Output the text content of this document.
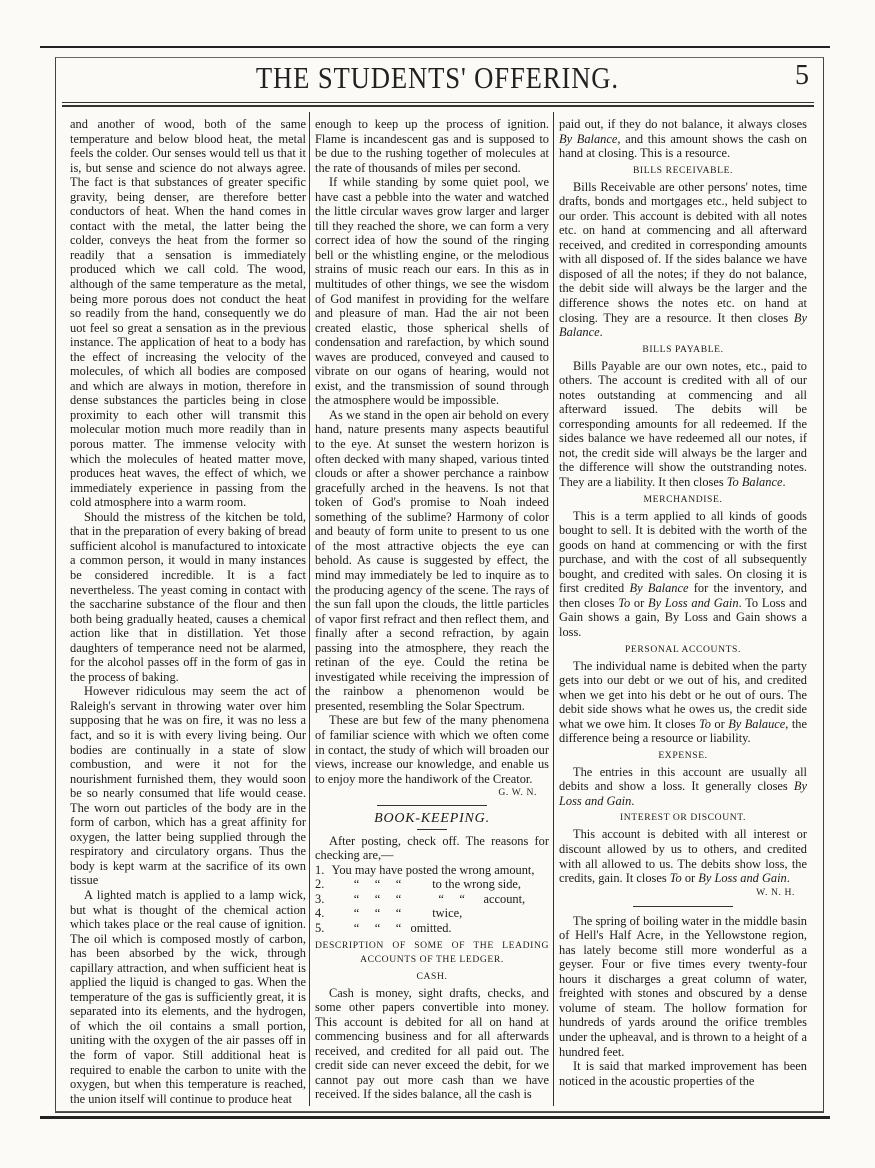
THE STUDENTS' OFFERING.	5

and another of wood, both of the same temperature and below blood heat, the metal feels the colder. Our senses would tell us that it is, but sense and science do not always agree. The fact is that substances of greater specific gravity, being denser, are therefore better conductors of heat. When the hand comes in contact with the metal, the latter being the colder, conveys the heat from the former so readily that a sensation is immediately produced which we call cold. The wood, although of the same temperature as the metal, being more porous does not conduct the heat so readily from the hand, consequently we do uot feel so great a sensation as in the previous instance. The application of heat to a body has the effect of increasing the velocity of the molecules, of which all bodies are composed and which are always in motion, therefore in dense substances the particles being in close proximity to each other will transmit this molecular motion much more readily than in porous matter. The immense velocity with which the molecules of heated matter move, produces heat waves, the effect of which, we immediately experience in passing from the cold atmosphere into a warm room.

Should the mistress of the kitchen be told, that in the preparation of every baking of bread sufficient alcohol is manufactured to intoxicate a common person, it would in many instances be considered incredible. It is a fact nevertheless. The yeast coming in contact with the saccharine substance of the flour and then both being gradually heated, causes a chemical action like that in distillation. Yet those daughters of temperance need not be alarmed, for the alcohol passes off in the form of gas in the process of baking.

However ridiculous may seem the act of Raleigh's servant in throwing water over him supposing that he was on fire, it was no less a fact, and so it is with every living being. Our bodies are continually in a state of slow combustion, and were it not for the nourishment furnished them, they would soon be so nearly consumed that life would cease. The worn out particles of the body are in the form of carbon, which has a great affinity for oxygen, the latter being supplied through the respiratory and circulatory organs. Thus the body is kept warm at the sacrifice of its own tissue

A lighted match is applied to a lamp wick, but what is thought of the chemical action which takes place or the real cause of ignition. The oil which is composed mostly of carbon, has been absorbed by the wick, through capillary attraction, and when sufficient heat is applied the liquid is changed to gas. When the temperature of the gas is sufficiently great, it is separated into its elements, and the hydrogen, of which the oil contains a small portion, uniting with the oxygen of the air passes off in the form of vapor. Still additional heat is required to enable the carbon to unite with the oxygen, but when this temperature is reached, the union itself will continue to produce heat

enough to keep up the process of ignition. Flame is incandescent gas and is supposed to be due to the rushing together of molecules at the rate of thousands of miles per second.

If while standing by some quiet pool, we have cast a pebble into the water and watched the little circular waves grow larger and larger till they reached the shore, we can form a very correct idea of how the sound of the ringing bell or the whistling engine, or the melodious strains of music reach our ears. In this as in multitudes of other things, we see the wisdom of God manifest in providing for the welfare and pleasure of man. Had the air not been created elastic, those spherical shells of condensation and rarefaction, by which sound waves are produced, conveyed and caused to vibrate on our ogans of hearing, would not exist, and the transmission of sound through the atmosphere would be impossible.

As we stand in the open air behold on every hand, nature presents many aspects beautiful to the eye. At sunset the western horizon is often decked with many shaped, various tinted clouds or after a shower perchance a rainbow gracefully arched in the heavens. Is not that token of God's promise to Noah indeed something of the sublime? Harmony of color and beauty of form unite to present to us one of the most attractive objects the eye can behold. As cause is suggested by effect, the mind may immediately be led to inquire as to the producing agency of the scene. The rays of the sun fall upon the clouds, the little particles of vapor first refract and then reflect them, and finally after a second refraction, by again passing into the atmosphere, they reach the retinan of the eye. Could the retina be investigated while receiving the impression of the rainbow a phenomenon would be presented, resembling the Solar Spectrum.

These are but few of the many phenomena of familiar science with which we often come in contact, the study of which will broaden our views, increase our knowledge, and enable us to enjoy more the handiwork of the Creator.

G. W. N.
BOOK-KEEPING.

After posting, check off. The reasons for checking are,—

1. You may have posted the wrong amount,
2. “     “     “          to the wrong side,
3. “     “     “            “     “      account,
4. “     “     “          twice,
5. “     “     “   omitted.
DESCRIPTION OF SOME OF THE LEADING ACCOUNTS OF THE LEDGER.
CASH.

Cash is money, sight drafts, checks, and some other papers convertible into money. This account is debited for all on hand at commencing business and for all afterwards received, and credited for all paid out. The credit side can never exceed the debit, for we cannot pay out more cash than we have received. If the sides balance, all the cash is

paid out, if they do not balance, it always closes By Balance, and this amount shows the cash on hand at closing. This is a resource.

BILLS RECEIVABLE.

Bills Receivable are other persons' notes, time drafts, bonds and mortgages etc., held subject to our order. This account is debited with all notes etc. on hand at commencing and all afterward received, and credited in corresponding amounts with all disposed of. If the sides balance we have disposed of all the notes; if they do not balance, the debit side will always be the larger and the difference shows the notes etc. on hand at closing. They are a resource. It then closes By Balance.

BILLS PAYABLE.

Bills Payable are our own notes, etc., paid to others. The account is credited with all of our notes outstanding at commencing and all afterward issued. The debits will be corresponding amounts for all redeemed. If the sides balance we have redeemed all our notes, if not, the credit side will always be the larger and the difference will show the outstranding notes. They are a liability. It then closes To Balance.

MERCHANDISE.

This is a term applied to all kinds of goods bought to sell. It is debited with the worth of the goods on hand at commencing or with the first purchase, and with the cost of all subsequently bought, and credited with sales. On closing it is first credited By Balance for the inventory, and then closes To or By Loss and Gain. To Loss and Gain shows a gain, By Loss and Gain shows a loss.

PERSONAL ACCOUNTS.

The individual name is debited when the party gets into our debt or we out of his, and credited when we get into his debt or he out of ours. The debit side shows what he owes us, the credit side what we owe him. It closes To or By Balauce, the difference being a resource or liability.

EXPENSE.

The entries in this account are usually all debits and show a loss. It generally closes By Loss and Gain.

INTEREST OR DISCOUNT.

This account is debited with all interest or discount allowed by us to others, and credited with all allowed to us. The debits show loss, the credits, gain. It closes To or By Loss and Gain.

W. N. H.

The spring of boiling water in the middle basin of Hell's Half Acre, in the Yellowstone region, has lately become still more wonderful as a geyser. Four or five times every twenty-four hours it discharges a great column of water, freighted with stones and obscured by a dense volume of steam. The hollow formation for hundreds of yards around the orifice trembles under the upheaval, and is thrown to a height of a hundred feet.

It is said that marked improvement has been noticed in the acoustic properties of the
